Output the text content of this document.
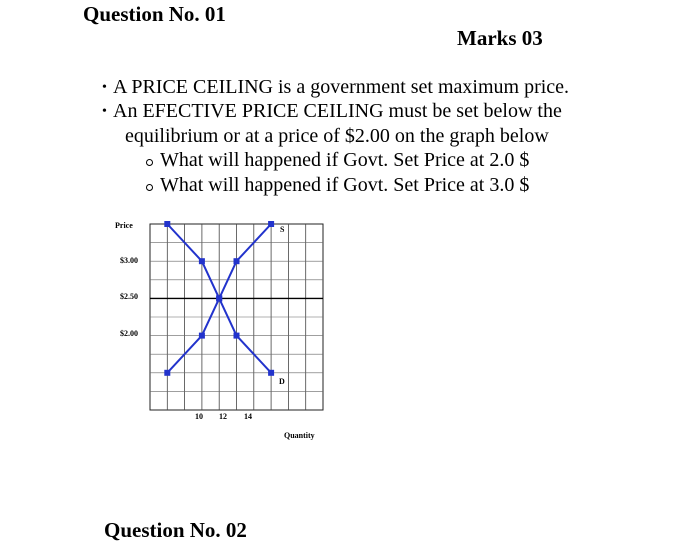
Question No. 01
Marks 03
• A PRICE CEILING is a government set maximum price.
• An EFECTIVE PRICE CEILING must be set below the
equilibrium or at a price of $2.00 on the graph below
What will happened if Govt. Set Price at 2.0 $
What will happened if Govt. Set Price at 3.0 $
Price
$3.00
$2.50
$2.00
10 12 14
Quantity
S
D
Question No. 02
